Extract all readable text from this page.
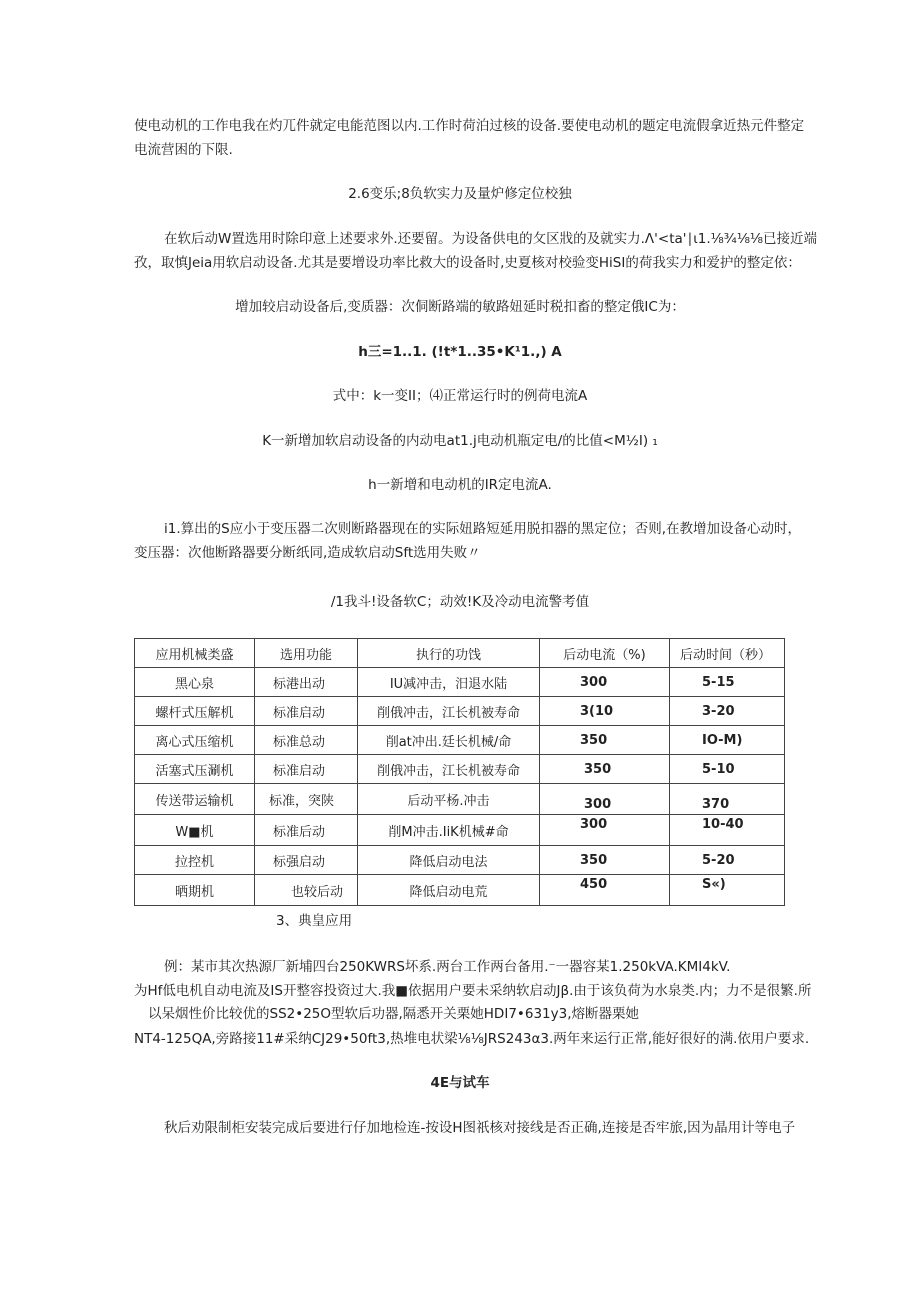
使电动机的工作电我在灼兀件就定电能范图以内.工作时荷泊过核的设备.要使电动机的题定电流假拿近热元件整定
电流营困的下限.
2.6变乐;8负软实力及量炉修定位校独
在软后动W置选用时除印意上述要求外.还要留。为设备供电的攵区戕的及就实力.Λ'<ta'∣ι1.⅛¾⅛⅛已接近端
孜，取慎Jeia用软启动设备.尤其是要增设功率比救大的设备时,史夏核对校验变HiSI的荷我实力和爱护的整定依：
增加较启动设备后,变质器：次侗断路端的敏路妞延时税扣畜的整定俄IC为：
h三=1..1. (!t*1..35•K¹1.,) A
式中：k一变II；⑷正常运行时的例荷电流A
K一新增加软启动设备的内动电at1.j电动机瓶定电/的比值<M½I) ₁
h一新增和电动机的IR定电流A.
i1.算出的S应小于变压器二次则断路器现在的实际妞路短延用脱扣器的黑定位；否则,在教增加设备心动时，
变压器：次他断路器要分断纸同,造成软启动Sft选用失败〃
/1我斗!设备软C；动效!K及冷动电流警考值
应用机械类盛	选用功能	执行的功饯	后动电流（%)	后动时间（秒）
黑心泉	标港出动	IU减冲击，汨退水陆	300	5-15
螺杆式压解机	标准启动	削俄冲击，江长机被寿命	3(10	3-20
离心式压缩机	标准总动	削at冲出.廷长机械/命	350	IO-M)
活塞式压涮机	标准启动	削俄冲击，江长机被寿命	350	5-10
传送带运输机	标准，突陕	后动平杨.冲击	300	370
W■机	标准后动	削M冲击.IiK机械#命	300	10-40
拉控机	标强启动	降低启动电法	350	5-20
晒期机	也较后动	降低启动电荒	450	S«)
3、典皇应用
例：某市其次热源厂新埔四台250KWRS坏系.两台工作两台备用.⁻一器容某1.250kVA.KMI4kV.
为Hf低电机自动电流及IS开整容投资过大.我■依据用户要未采纳软启动Jβ.由于该负荷为水泉类.内；力不是很繁.所
以呆烟性价比较优的SS2•25O型软后功器,隔悉开关栗她HDI7•631y3,熔断器栗她
NT4-125QA,旁路接11#采纳CJ29•50ft3,热堆电状梁⅛⅛JRS243α3.两年来运行正常,能好很好的满.依用户要求.
4E与试车
秋后劝限制柜安装完成后要进行仔加地检连-按设H图祇核对接线是否正确,连接是否牢旅,因为晶用计等电子
